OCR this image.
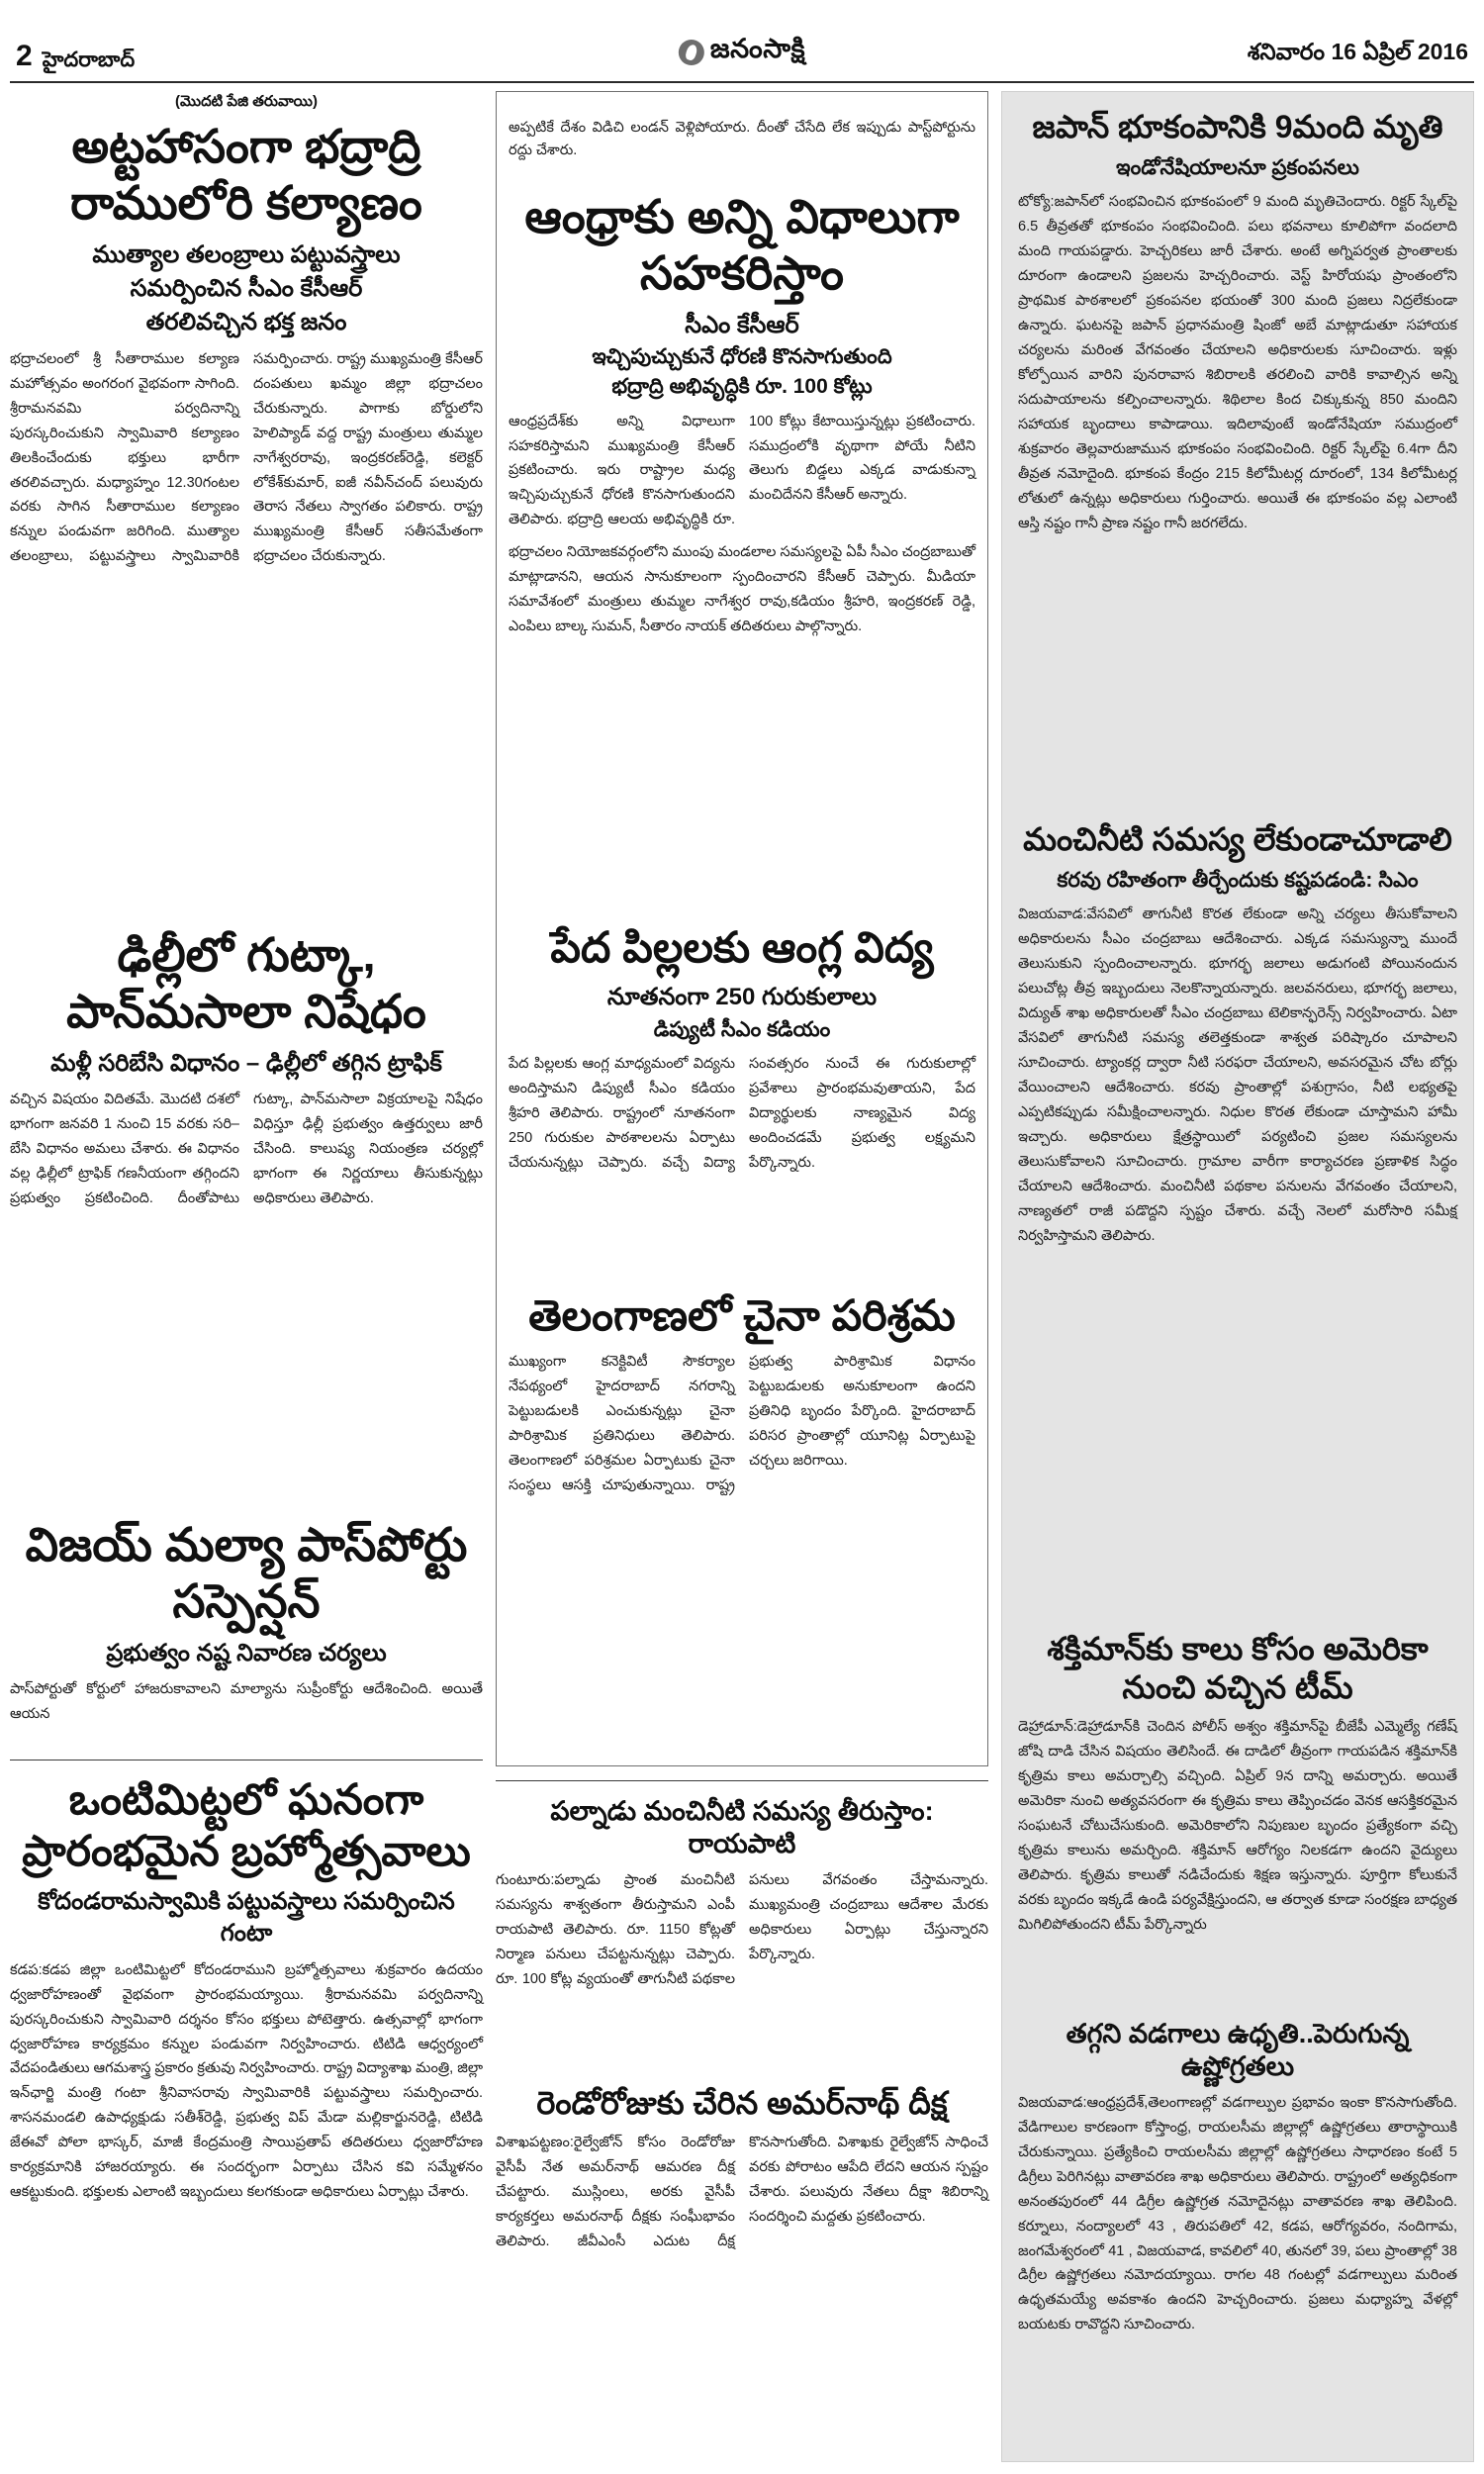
2 హైదరాబాద్	జనంసాక్షి	శనివారం 16 ఏప్రిల్ 2016
(మొదటి పేజి తరువాయి)
అట్టహాసంగా భద్రాద్రి రాములోరి కల్యాణం
ముత్యాల తలంబ్రాలు పట్టువస్త్రాలు
సమర్పించిన సీఎం కేసీఆర్
తరలివచ్చిన భక్త జనం
భద్రాచలంలో శ్రీ సీతారాముల కల్యాణ మహోత్సవం అంగరంగ వైభవంగా సాగింది. శ్రీరామనవమి పర్వదినాన్ని పురస్కరించుకుని స్వామివారి కల్యాణం తిలకించేందుకు భక్తులు భారీగా తరలివచ్చారు. మధ్యాహ్నం 12.30గంటల వరకు సాగిన సీతారాముల కల్యాణం కన్నుల పండువగా జరిగింది. ముత్యాల తలంబ్రాలు, పట్టువస్త్రాలు స్వామివారికి సమర్పించారు. రాష్ట్ర ముఖ్యమంత్రి కేసీఆర్ దంపతులు ఖమ్మం జిల్లా భద్రాచలం చేరుకున్నారు. పాగాకు బోర్డులోని హెలిప్యాడ్ వద్ద రాష్ట్ర మంత్రులు తుమ్మల నాగేశ్వరరావు, ఇంద్రకరణ్‌రెడ్డి, కలెక్టర్ లోకేశ్‌కుమార్, ఐజీ నవీన్‌చంద్ పలువురు తెరాస నేతలు స్వాగతం పలికారు. రాష్ట్ర ముఖ్యమంత్రి కేసీఆర్ సతీసమేతంగా భద్రాచలం చేరుకున్నారు.
ఢిల్లీలో గుట్కా, పాన్‌మసాలా నిషేధం
మళ్లీ సరిబేసి విధానం – ఢిల్లీలో తగ్గిన ట్రాఫిక్
వచ్చిన విషయం విదితమే. మొదటి దశలో భాగంగా జనవరి 1 నుంచి 15 వరకు సరి–బేసి విధానం అమలు చేశారు. ఈ విధానం వల్ల ఢిల్లీలో ట్రాఫిక్ గణనీయంగా తగ్గిందని ప్రభుత్వం ప్రకటించింది. దీంతోపాటు గుట్కా, పాన్‌మసాలా విక్రయాలపై నిషేధం విధిస్తూ ఢిల్లీ ప్రభుత్వం ఉత్తర్వులు జారీ చేసింది. కాలుష్య నియంత్రణ చర్యల్లో భాగంగా ఈ నిర్ణయాలు తీసుకున్నట్లు అధికారులు తెలిపారు.
విజయ్ మల్యా పాస్‌పోర్టు సస్పెన్షన్
ప్రభుత్వం నష్ట నివారణ చర్యలు
పాస్‌పోర్టుతో కోర్టులో హాజరుకావాలని మాల్యాను సుప్రీంకోర్టు ఆదేశించింది. అయితే ఆయన
ఒంటిమిట్టలో ఘనంగా ప్రారంభమైన బ్రహ్మోత్సవాలు
కోదండరామస్వామికి పట్టువస్త్రాలు సమర్పించిన గంటా
కడప:కడప జిల్లా ఒంటిమిట్టలో కోదండరాముని బ్రహ్మోత్సవాలు శుక్రవారం ఉదయం ధ్వజారోహణంతో వైభవంగా ప్రారంభమయ్యాయి. శ్రీరామనవమి పర్వదినాన్ని పురస్కరించుకుని స్వామివారి దర్శనం కోసం భక్తులు పోటెత్తారు. ఉత్సవాల్లో భాగంగా ధ్వజారోహణ కార్యక్రమం కన్నుల పండువగా నిర్వహించారు. టిటిడి ఆధ్వర్యంలో వేదపండితులు ఆగమశాస్త్ర ప్రకారం క్రతువు నిర్వహించారు. రాష్ట్ర విద్యాశాఖ మంత్రి, జిల్లా ఇన్‌ఛార్జి మంత్రి గంటా శ్రీనివాసరావు స్వామివారికి పట్టువస్త్రాలు సమర్పించారు. శాసనమండలి ఉపాధ్యక్షుడు సతీశ్‌రెడ్డి, ప్రభుత్వ విప్ మేడా మల్లికార్జునరెడ్డి, టిటిడి జేఈవో పోలా భాస్కర్, మాజీ కేంద్రమంత్రి సాయిప్రతాప్ తదితరులు ధ్వజారోహణ కార్యక్రమానికి హాజరయ్యారు. ఈ సందర్భంగా ఏర్పాటు చేసిన కవి సమ్మేళనం ఆకట్టుకుంది. భక్తులకు ఎలాంటి ఇబ్బందులు కలగకుండా అధికారులు ఏర్పాట్లు చేశారు.

అప్పటికే దేశం విడిచి లండన్ వెళ్లిపోయారు. దీంతో చేసేది లేక ఇప్పుడు పాస్ట్‌పోర్టును రద్దు చేశారు.

ఆంధ్రాకు అన్ని విధాలుగా సహకరిస్తాం
సీఎం కేసీఆర్
ఇచ్చిపుచ్చుకునే ధోరణి కొనసాగుతుంది
భద్రాద్రి అభివృద్ధికి రూ. 100 కోట్లు
ఆంధ్రప్రదేశ్‌కు అన్ని విధాలుగా సహకరిస్తామని ముఖ్యమంత్రి కేసీఆర్ ప్రకటించారు. ఇరు రాష్ట్రాల మధ్య ఇచ్చిపుచ్చుకునే ధోరణి కొనసాగుతుందని తెలిపారు. భద్రాద్రి ఆలయ అభివృద్ధికి రూ. 100 కోట్లు కేటాయిస్తున్నట్లు ప్రకటించారు. సముద్రంలోకి వృథాగా పోయే నీటిని తెలుగు బిడ్డలు ఎక్కడ వాడుకున్నా మంచిదేనని కేసీఆర్ అన్నారు.
భద్రాచలం నియోజకవర్గంలోని ముంపు మండలాల సమస్యలపై ఏపీ సీఎం చంద్రబాబుతో మాట్లాడానని, ఆయన సానుకూలంగా స్పందించారని కేసీఆర్ చెప్పారు. మీడియా సమావేశంలో మంత్రులు తుమ్మల నాగేశ్వర రావు,కడియం శ్రీహరి, ఇంద్రకరణ్ రెడ్డి, ఎంపిలు బాల్క సుమన్, సీతారం నాయక్ తదితరులు పాల్గొన్నారు.
పేద పిల్లలకు ఆంగ్ల విద్య
నూతనంగా 250 గురుకులాలు
డిప్యుటీ సీఎం కడియం
పేద పిల్లలకు ఆంగ్ల మాధ్యమంలో విద్యను అందిస్తామని డిప్యుటీ సీఎం కడియం శ్రీహరి తెలిపారు. రాష్ట్రంలో నూతనంగా 250 గురుకుల పాఠశాలలను ఏర్పాటు చేయనున్నట్లు చెప్పారు. వచ్చే విద్యా సంవత్సరం నుంచే ఈ గురుకులాల్లో ప్రవేశాలు ప్రారంభమవుతాయని, పేద విద్యార్థులకు నాణ్యమైన విద్య అందించడమే ప్రభుత్వ లక్ష్యమని పేర్కొన్నారు.
తెలంగాణలో చైనా పరిశ్రమ
ముఖ్యంగా కనెక్టివిటీ సౌకర్యాల నేపథ్యంలో హైదరాబాద్ నగరాన్ని పెట్టుబడులకి ఎంచుకున్నట్లు చైనా పారిశ్రామిక ప్రతినిధులు తెలిపారు. తెలంగాణలో పరిశ్రమల ఏర్పాటుకు చైనా సంస్థలు ఆసక్తి చూపుతున్నాయి. రాష్ట్ర ప్రభుత్వ పారిశ్రామిక విధానం పెట్టుబడులకు అనుకూలంగా ఉందని ప్రతినిధి బృందం పేర్కొంది. హైదరాబాద్ పరిసర ప్రాంతాల్లో యూనిట్ల ఏర్పాటుపై చర్చలు జరిగాయి.
పల్నాడు మంచినీటి సమస్య తీరుస్తాం: రాయపాటి
గుంటూరు:పల్నాడు ప్రాంత మంచినీటి సమస్యను శాశ్వతంగా తీరుస్తామని ఎంపీ రాయపాటి తెలిపారు. రూ. 1150 కోట్లతో నిర్మాణ పనులు చేపట్టనున్నట్లు చెప్పారు. రూ. 100 కోట్ల వ్యయంతో తాగునీటి పథకాల పనులు వేగవంతం చేస్తామన్నారు. ముఖ్యమంత్రి చంద్రబాబు ఆదేశాల మేరకు అధికారులు ఏర్పాట్లు చేస్తున్నారని పేర్కొన్నారు.
రెండోరోజుకు చేరిన అమర్‌నాథ్ దీక్ష
విశాఖపట్టణం:రైల్వేజోన్ కోసం రెండోరోజు వైసీపీ నేత అమర్‌నాథ్ ఆమరణ దీక్ష చేపట్టారు. ముస్లింలు, అరకు వైసీపీ కార్యకర్తలు అమరనాథ్ దీక్షకు సంఘీభావం తెలిపారు. జీవీఎంసీ ఎదుట దీక్ష కొనసాగుతోంది. విశాఖకు రైల్వేజోన్ సాధించే వరకు పోరాటం ఆపేది లేదని ఆయన స్పష్టం చేశారు. పలువురు నేతలు దీక్షా శిబిరాన్ని సందర్శించి మద్దతు ప్రకటించారు.
జపాన్ భూకంపానికి 9మంది మృతి
ఇండోనేషియాలనూ ప్రకంపనలు
టోక్యో:జపాన్‌లో సంభవించిన భూకంపంలో 9 మంది మృతిచెందారు. రిక్టర్ స్కేల్‌పై 6.5 తీవ్రతతో భూకంపం సంభవించింది. పలు భవనాలు కూలిపోగా వందలాది మంది గాయపడ్డారు. హెచ్చరికలు జారీ చేశారు. అంటే అగ్నిపర్వత ప్రాంతాలకు దూరంగా ఉండాలని ప్రజలను హెచ్చరించారు. వెస్ట్ హిరోయషు ప్రాంతంలోని ప్రాథమిక పాఠశాలలో ప్రకంపనల భయంతో 300 మంది ప్రజలు నిద్రలేకుండా ఉన్నారు. ఘటనపై జపాన్ ప్రధానమంత్రి షింజో అబే మాట్లాడుతూ సహాయక చర్యలను మరింత వేగవంతం చేయాలని అధికారులకు సూచించారు. ఇళ్లు కోల్పోయిన వారిని పునరావాస శిబిరాలకి తరలించి వారికి కావాల్సిన అన్ని సదుపాయాలను కల్పించాలన్నారు. శిథిలాల కింద చిక్కుకున్న 850 మందిని సహాయక బృందాలు కాపాడాయి. ఇదిలావుంటే ఇండోనేషియా సముద్రంలో శుక్రవారం తెల్లవారుజామున భూకంపం సంభవించింది. రిక్టర్ స్కేల్‌పై 6.4గా దీని తీవ్రత నమోదైంది. భూకంప కేంద్రం 215 కిలోమీటర్ల దూరంలో, 134 కిలోమీటర్ల లోతులో ఉన్నట్లు అధికారులు గుర్తించారు. అయితే ఈ భూకంపం వల్ల ఎలాంటి ఆస్తి నష్టం గానీ ప్రాణ నష్టం గానీ జరగలేదు.
మంచినీటి సమస్య లేకుండాచూడాలి
కరవు రహితంగా తీర్చేందుకు కష్టపడండి: సిఎం
విజయవాడ:వేసవిలో తాగునీటి కొరత లేకుండా అన్ని చర్యలు తీసుకోవాలని అధికారులను సీఎం చంద్రబాబు ఆదేశించారు. ఎక్కడ సమస్యున్నా ముందే తెలుసుకుని స్పందించాలన్నారు. భూగర్భ జలాలు అడుగంటి పోయినందున పలుచోట్ల తీవ్ర ఇబ్బందులు నెలకొన్నాయన్నారు. జలవనరులు, భూగర్భ జలాలు, విద్యుత్ శాఖ అధికారులతో సీఎం చంద్రబాబు టెలికాన్ఫరెన్స్ నిర్వహించారు. ఏటా వేసవిలో తాగునీటి సమస్య తలెత్తకుండా శాశ్వత పరిష్కారం చూపాలని సూచించారు. ట్యాంకర్ల ద్వారా నీటి సరఫరా చేయాలని, అవసరమైన చోట బోర్లు వేయించాలని ఆదేశించారు. కరవు ప్రాంతాల్లో పశుగ్రాసం, నీటి లభ్యతపై ఎప్పటికప్పుడు సమీక్షించాలన్నారు. నిధుల కొరత లేకుండా చూస్తామని హామీ ఇచ్చారు. అధికారులు క్షేత్రస్థాయిలో పర్యటించి ప్రజల సమస్యలను తెలుసుకోవాలని సూచించారు. గ్రామాల వారీగా కార్యాచరణ ప్రణాళిక సిద్ధం చేయాలని ఆదేశించారు. మంచినీటి పథకాల పనులను వేగవంతం చేయాలని, నాణ్యతలో రాజీ పడొద్దని స్పష్టం చేశారు. వచ్చే నెలలో మరోసారి సమీక్ష నిర్వహిస్తామని తెలిపారు.
శక్తిమాన్‌కు కాలు కోసం అమెరికా నుంచి వచ్చిన టీమ్
డెహ్రాడూన్:డెహ్రాడూన్‌కి చెందిన పోలీస్ అశ్వం శక్తిమాన్‌పై బీజేపీ ఎమ్మెల్యే గణేష్ జోషి దాడి చేసిన విషయం తెలిసిందే. ఈ దాడిలో తీవ్రంగా గాయపడిన శక్తిమాన్‌కి కృత్రిమ కాలు అమర్చాల్సి వచ్చింది. ఏప్రిల్ 9న దాన్ని అమర్చారు. అయితే అమెరికా నుంచి అత్యవసరంగా ఈ కృత్రిమ కాలు తెప్పించడం వెనక ఆసక్తికరమైన సంఘటనే చోటుచేసుకుంది. అమెరికాలోని నిపుణుల బృందం ప్రత్యేకంగా వచ్చి కృత్రిమ కాలును అమర్చింది. శక్తిమాన్ ఆరోగ్యం నిలకడగా ఉందని వైద్యులు తెలిపారు. కృత్రిమ కాలుతో నడిచేందుకు శిక్షణ ఇస్తున్నారు. పూర్తిగా కోలుకునే వరకు బృందం ఇక్కడే ఉండి పర్యవేక్షిస్తుందని, ఆ తర్వాత కూడా సంరక్షణ బాధ్యత మిగిలిపోతుందని టీమ్ పేర్కొన్నారు
తగ్గని వడగాలు ఉధృతి..పెరుగున్న ఉష్ణోగ్రతలు
విజయవాడ:ఆంధ్రప్రదేశ్,తెలంగాణల్లో వడగాల్పుల ప్రభావం ఇంకా కొనసాగుతోంది. వేడిగాలుల కారణంగా కోస్తాంధ్ర, రాయలసీమ జిల్లాల్లో ఉష్ణోగ్రతలు తారాస్థాయికి చేరుకున్నాయి. ప్రత్యేకించి రాయలసీమ జిల్లాల్లో ఉష్ణోగ్రతలు సాధారణం కంటే 5 డిగ్రీలు పెరిగినట్లు వాతావరణ శాఖ అధికారులు తెలిపారు. రాష్ట్రంలో అత్యధికంగా అనంతపురంలో 44 డిగ్రీల ఉష్ణోగ్రత నమోదైనట్లు వాతావరణ శాఖ తెలిపింది. కర్నూలు, నంద్యాలలో 43 , తిరుపతిలో 42, కడప, ఆరోగ్యవరం, నందిగామ, జంగమేశ్వరంలో 41 , విజయవాడ, కావలిలో 40, తునలో 39, పలు ప్రాంతాల్లో 38 డిగ్రీల ఉష్ణోగ్రతలు నమోదయ్యాయి. రాగల 48 గంటల్లో వడగాల్పులు మరింత ఉధృతమయ్యే అవకాశం ఉందని హెచ్చరించారు. ప్రజలు మధ్యాహ్న వేళల్లో బయటకు రావొద్దని సూచించారు.
